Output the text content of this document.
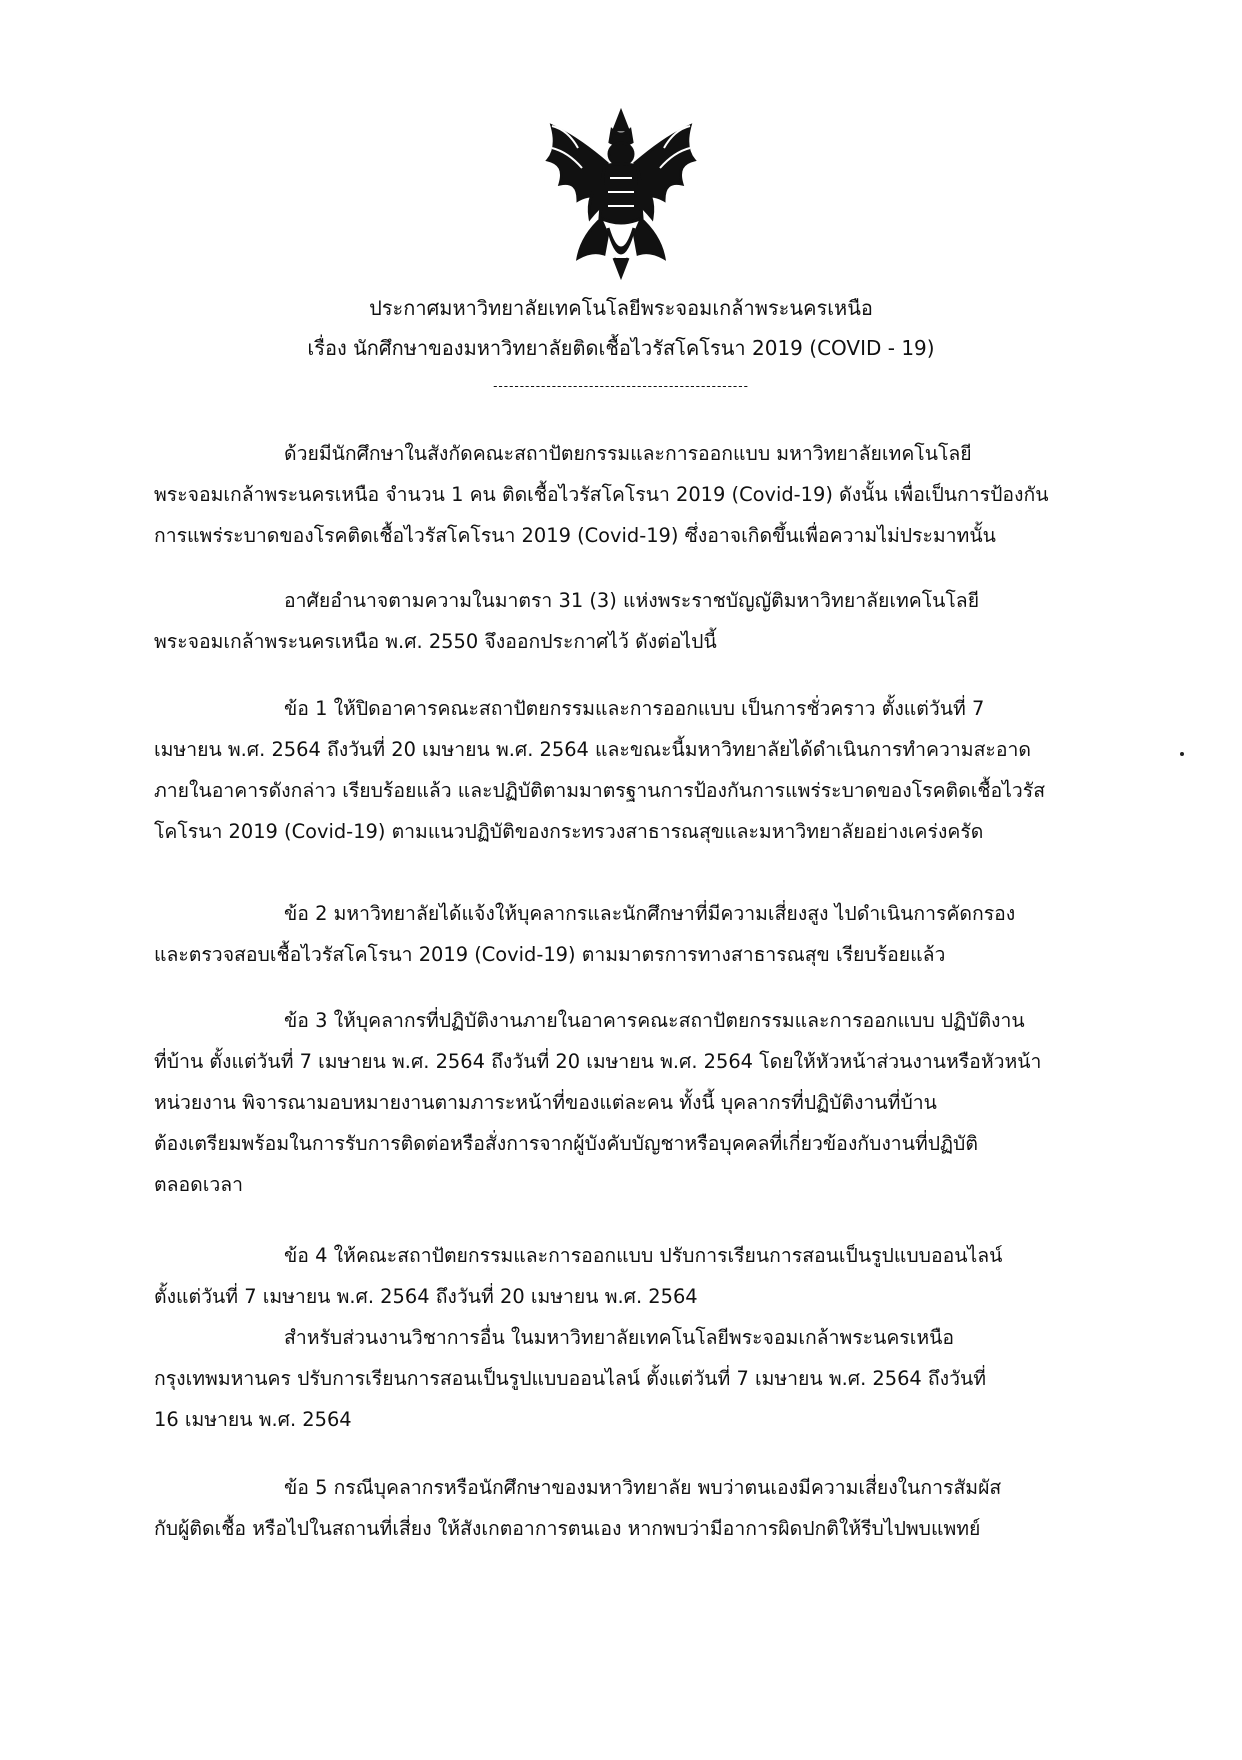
ประกาศมหาวิทยาลัยเทคโนโลยีพระจอมเกล้าพระนครเหนือ
เรื่อง นักศึกษาของมหาวิทยาลัยติดเชื้อไวรัสโคโรนา 2019 (COVID - 19)
------------------------------------------------
ด้วยมีนักศึกษาในสังกัดคณะสถาปัตยกรรมและการออกแบบ มหาวิทยาลัยเทคโนโลยี
พระจอมเกล้าพระนครเหนือ จำนวน 1 คน ติดเชื้อไวรัสโคโรนา 2019 (Covid-19) ดังนั้น เพื่อเป็นการป้องกัน
การแพร่ระบาดของโรคติดเชื้อไวรัสโคโรนา 2019 (Covid-19) ซึ่งอาจเกิดขึ้นเพื่อความไม่ประมาทนั้น
อาศัยอำนาจตามความในมาตรา 31 (3) แห่งพระราชบัญญัติมหาวิทยาลัยเทคโนโลยี
พระจอมเกล้าพระนครเหนือ พ.ศ. 2550 จึงออกประกาศไว้ ดังต่อไปนี้
ข้อ 1 ให้ปิดอาคารคณะสถาปัตยกรรมและการออกแบบ เป็นการชั่วคราว ตั้งแต่วันที่ 7
เมษายน พ.ศ. 2564 ถึงวันที่ 20 เมษายน พ.ศ. 2564 และขณะนี้มหาวิทยาลัยได้ดำเนินการทำความสะอาด
ภายในอาคารดังกล่าว เรียบร้อยแล้ว และปฏิบัติตามมาตรฐานการป้องกันการแพร่ระบาดของโรคติดเชื้อไวรัส
โคโรนา 2019 (Covid-19) ตามแนวปฏิบัติของกระทรวงสาธารณสุขและมหาวิทยาลัยอย่างเคร่งครัด
ข้อ 2 มหาวิทยาลัยได้แจ้งให้บุคลากรและนักศึกษาที่มีความเสี่ยงสูง ไปดำเนินการคัดกรอง
และตรวจสอบเชื้อไวรัสโคโรนา 2019 (Covid-19) ตามมาตรการทางสาธารณสุข เรียบร้อยแล้ว
ข้อ 3 ให้บุคลากรที่ปฏิบัติงานภายในอาคารคณะสถาปัตยกรรมและการออกแบบ ปฏิบัติงาน
ที่บ้าน ตั้งแต่วันที่ 7 เมษายน พ.ศ. 2564 ถึงวันที่ 20 เมษายน พ.ศ. 2564 โดยให้หัวหน้าส่วนงานหรือหัวหน้า
หน่วยงาน พิจารณามอบหมายงานตามภาระหน้าที่ของแต่ละคน ทั้งนี้ บุคลากรที่ปฏิบัติงานที่บ้าน
ต้องเตรียมพร้อมในการรับการติดต่อหรือสั่งการจากผู้บังคับบัญชาหรือบุคคลที่เกี่ยวข้องกับงานที่ปฏิบัติ
ตลอดเวลา
ข้อ 4 ให้คณะสถาปัตยกรรมและการออกแบบ ปรับการเรียนการสอนเป็นรูปแบบออนไลน์
ตั้งแต่วันที่ 7 เมษายน พ.ศ. 2564 ถึงวันที่ 20 เมษายน พ.ศ. 2564
สำหรับส่วนงานวิชาการอื่น ในมหาวิทยาลัยเทคโนโลยีพระจอมเกล้าพระนครเหนือ
กรุงเทพมหานคร ปรับการเรียนการสอนเป็นรูปแบบออนไลน์ ตั้งแต่วันที่ 7 เมษายน พ.ศ. 2564 ถึงวันที่
16 เมษายน พ.ศ. 2564
ข้อ 5 กรณีบุคลากรหรือนักศึกษาของมหาวิทยาลัย พบว่าตนเองมีความเสี่ยงในการสัมผัส
กับผู้ติดเชื้อ หรือไปในสถานที่เสี่ยง ให้สังเกตอาการตนเอง หากพบว่ามีอาการผิดปกติให้รีบไปพบแพทย์
